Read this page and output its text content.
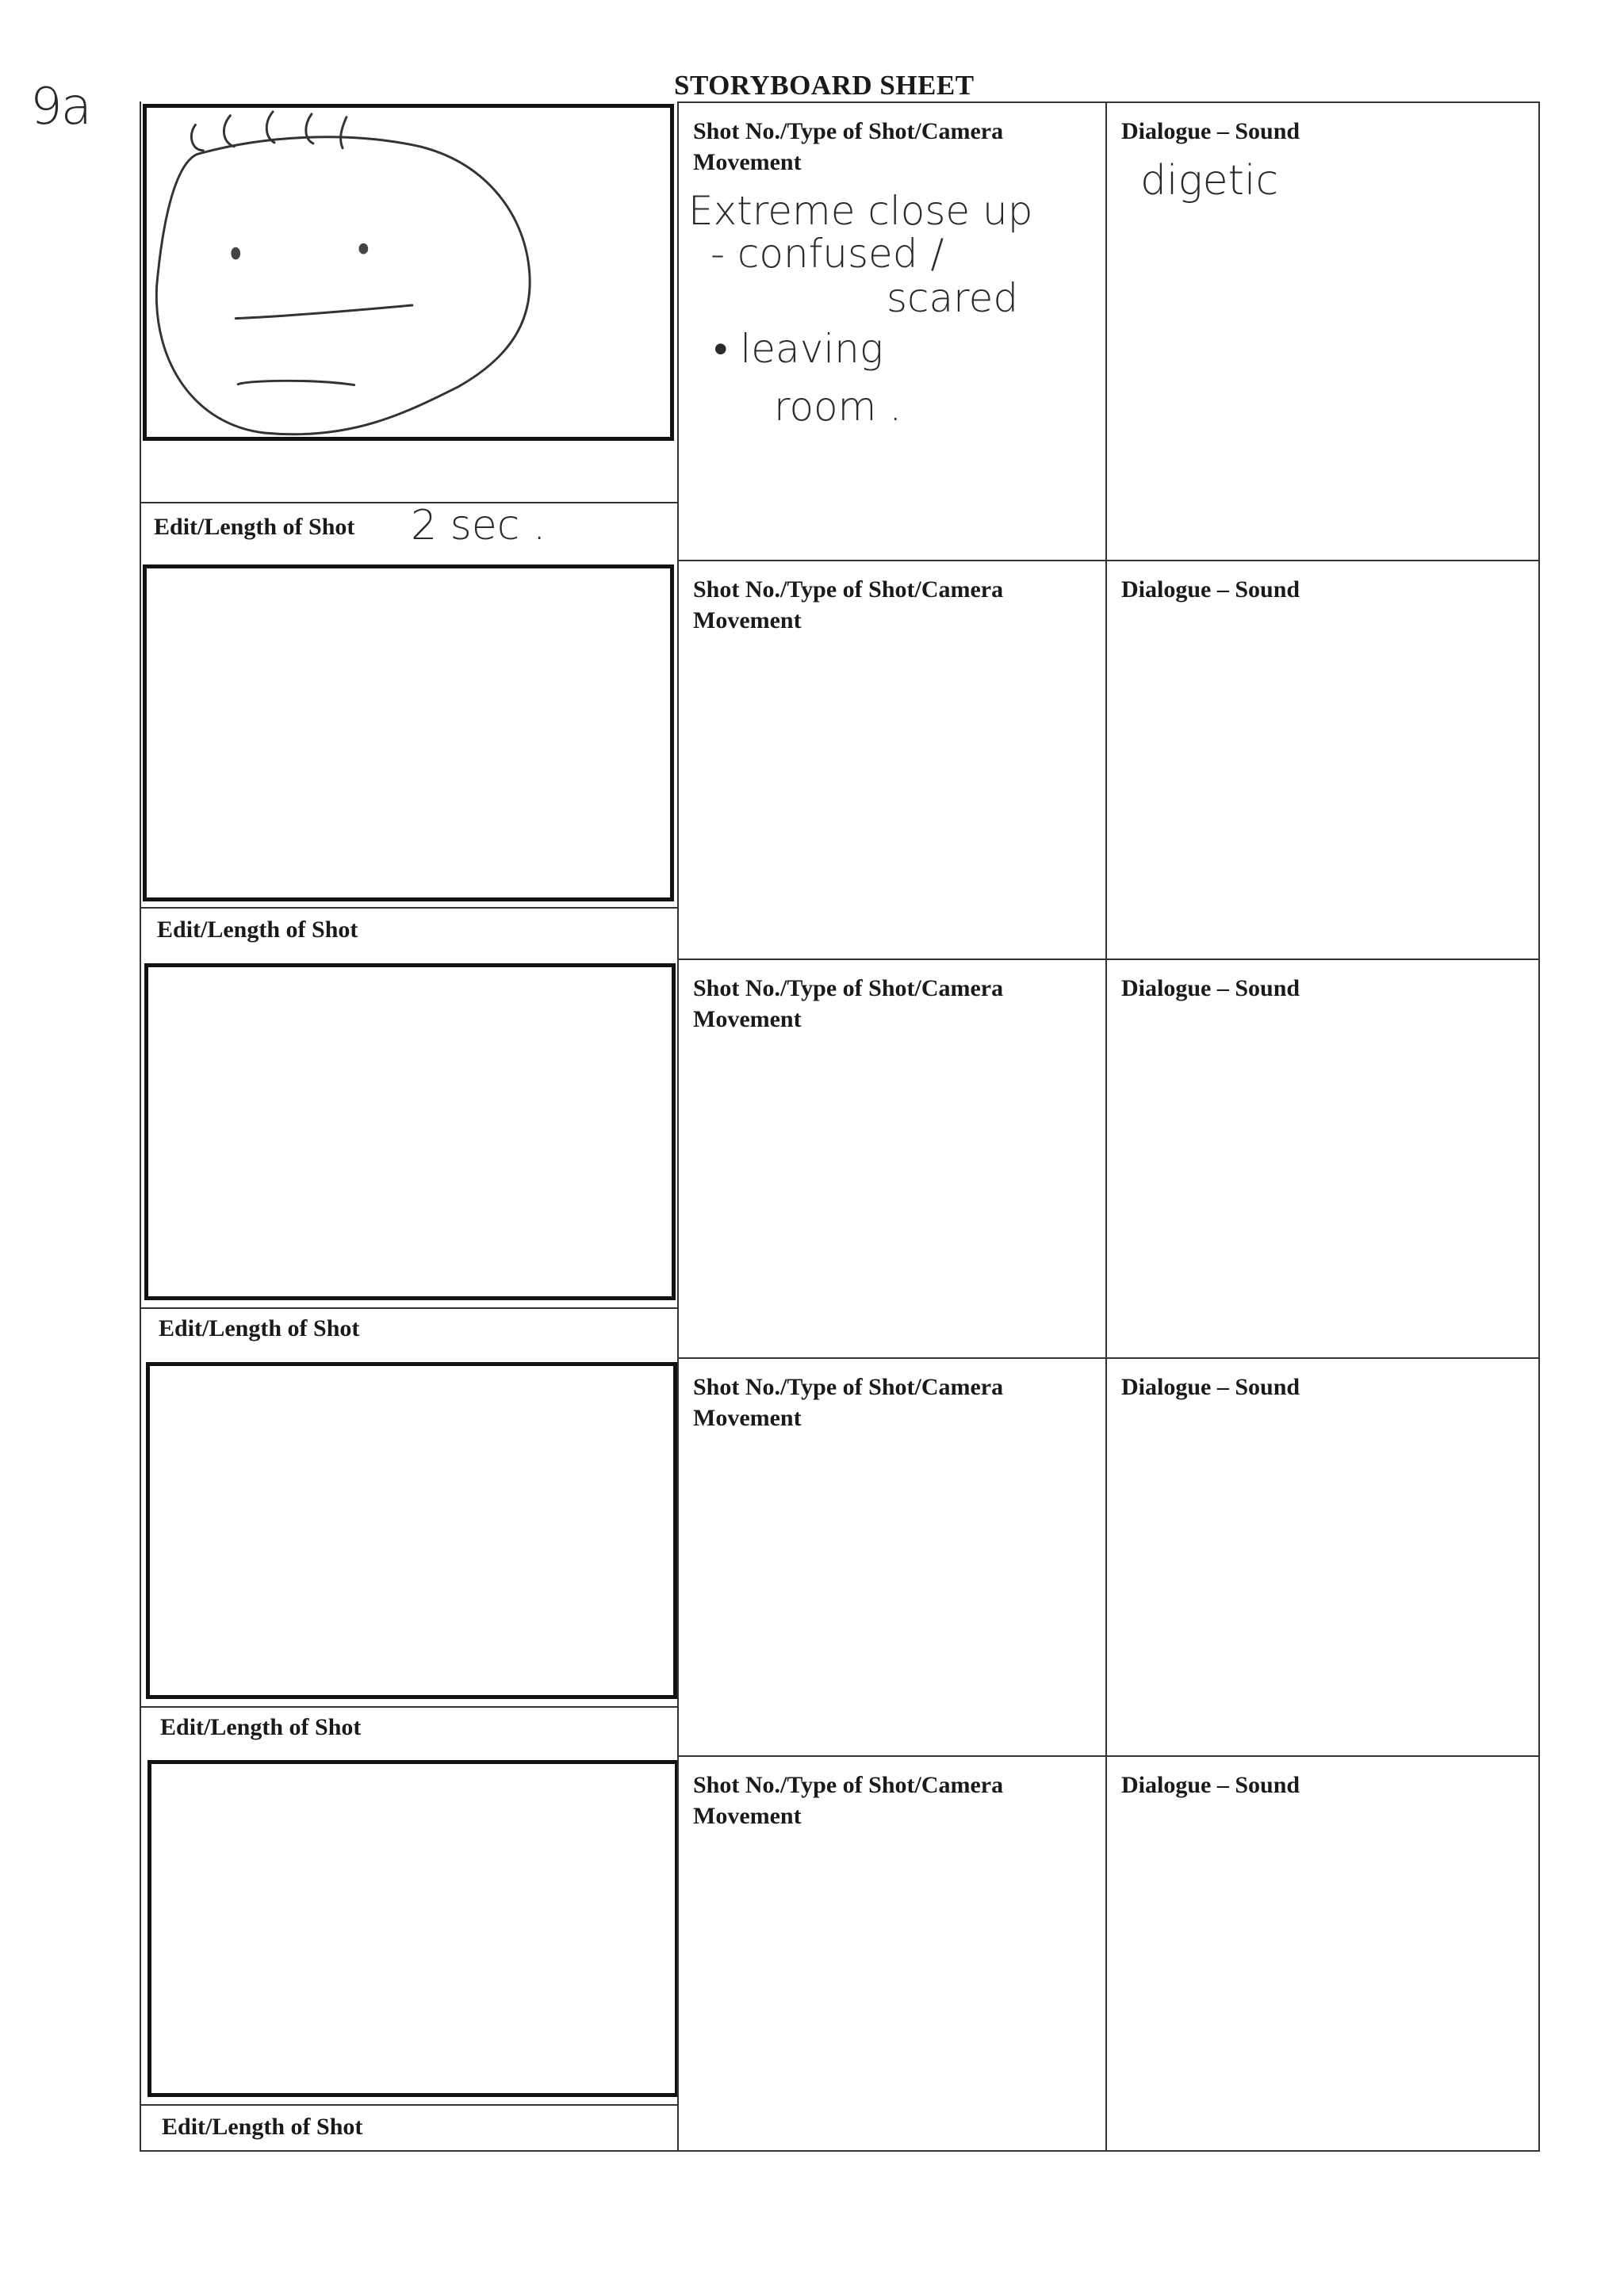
9a	STORYBOARD SHEET
Edit/Length of Shot 2 sec .
Shot No./Type of Shot/Camera Movement
Extreme close up
- confused /
scared
• leaving
room .
Dialogue – Sound
digetic
Edit/Length of Shot
Shot No./Type of Shot/Camera Movement
Dialogue – Sound
Edit/Length of Shot
Shot No./Type of Shot/Camera Movement
Dialogue – Sound
Edit/Length of Shot
Shot No./Type of Shot/Camera Movement
Dialogue – Sound
Edit/Length of Shot
Shot No./Type of Shot/Camera Movement
Dialogue – Sound
